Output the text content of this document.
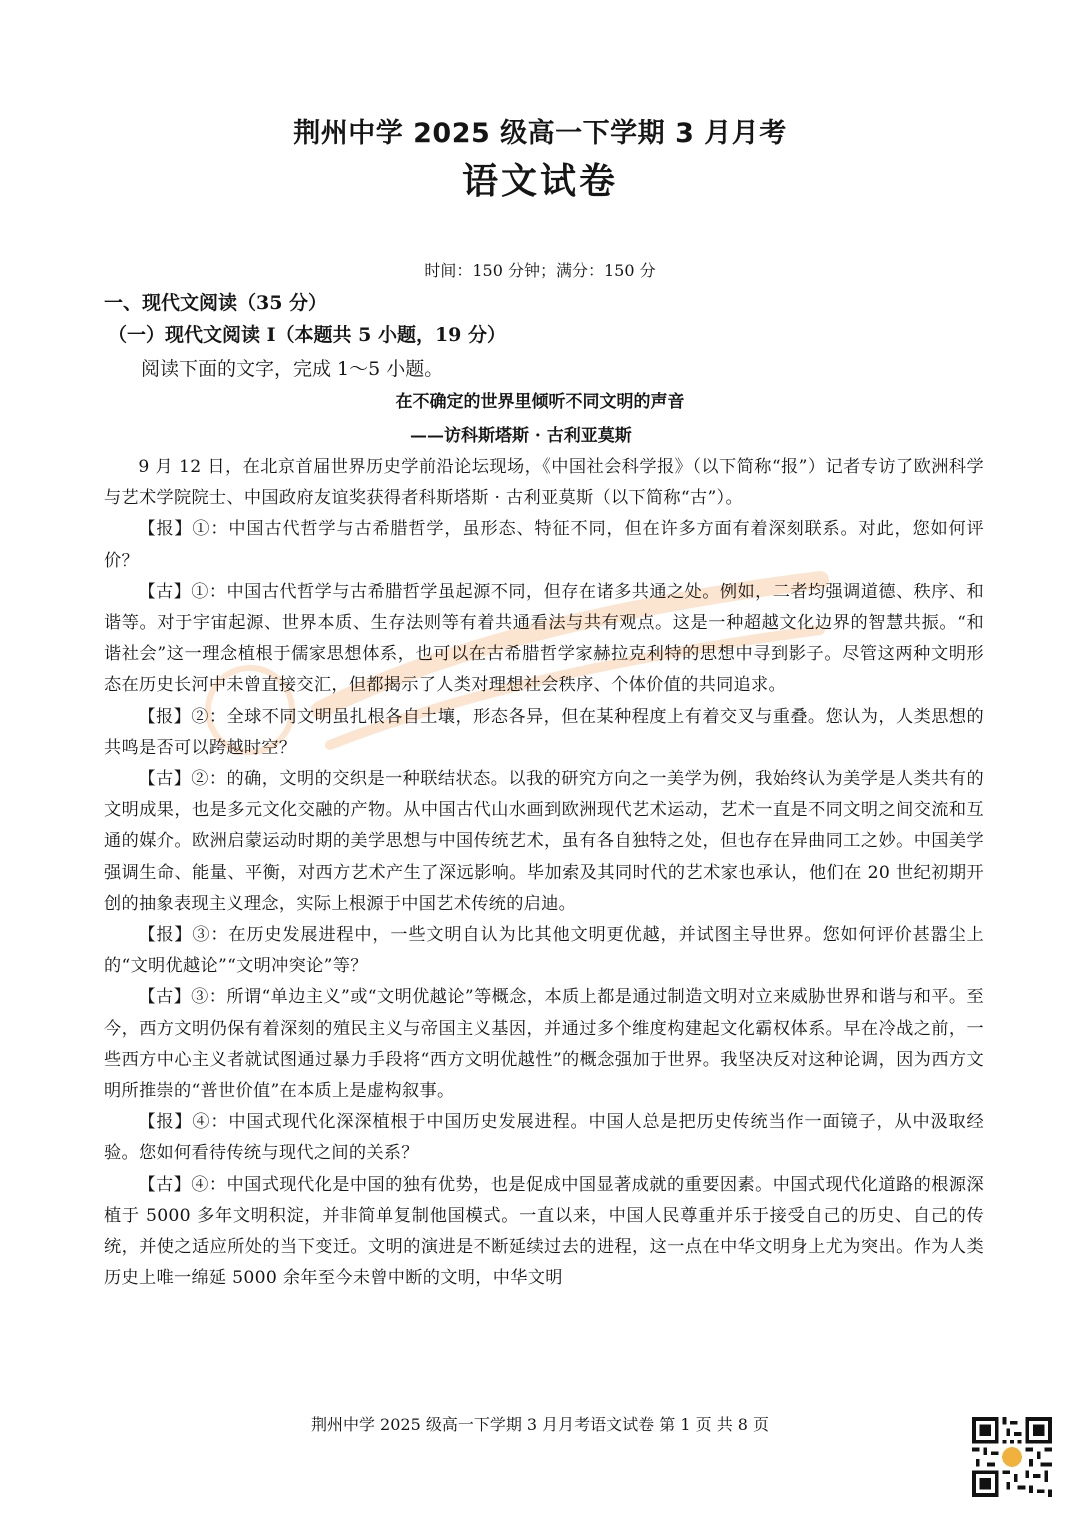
荆州中学 2025 级高一下学期 3 月月考
语文试卷
时间：150 分钟；满分：150 分
一、现代文阅读（35 分）
（一）现代文阅读 I（本题共 5 小题，19 分）
阅读下面的文字，完成 1～5 小题。
在不确定的世界里倾听不同文明的声音
——访科斯塔斯 · 古利亚莫斯

9 月 12 日，在北京首届世界历史学前沿论坛现场，《中国社会科学报》（以下简称“报”）记者专访了欧洲科学与艺术学院院士、中国政府友谊奖获得者科斯塔斯 · 古利亚莫斯（以下简称“古”）。

【报】①：中国古代哲学与古希腊哲学，虽形态、特征不同，但在许多方面有着深刻联系。对此，您如何评价？

【古】①：中国古代哲学与古希腊哲学虽起源不同，但存在诸多共通之处。例如，二者均强调道德、秩序、和谐等。对于宇宙起源、世界本质、生存法则等有着共通看法与共有观点。这是一种超越文化边界的智慧共振。“和谐社会”这一理念植根于儒家思想体系，也可以在古希腊哲学家赫拉克利特的思想中寻到影子。尽管这两种文明形态在历史长河中未曾直接交汇，但都揭示了人类对理想社会秩序、个体价值的共同追求。

【报】②：全球不同文明虽扎根各自土壤，形态各异，但在某种程度上有着交叉与重叠。您认为，人类思想的共鸣是否可以跨越时空？

【古】②：的确，文明的交织是一种联结状态。以我的研究方向之一美学为例，我始终认为美学是人类共有的文明成果，也是多元文化交融的产物。从中国古代山水画到欧洲现代艺术运动，艺术一直是不同文明之间交流和互通的媒介。欧洲启蒙运动时期的美学思想与中国传统艺术，虽有各自独特之处，但也存在异曲同工之妙。中国美学强调生命、能量、平衡，对西方艺术产生了深远影响。毕加索及其同时代的艺术家也承认，他们在 20 世纪初期开创的抽象表现主义理念，实际上根源于中国艺术传统的启迪。

【报】③：在历史发展进程中，一些文明自认为比其他文明更优越，并试图主导世界。您如何评价甚嚣尘上的“文明优越论”“文明冲突论”等？

【古】③：所谓“单边主义”或“文明优越论”等概念，本质上都是通过制造文明对立来威胁世界和谐与和平。至今，西方文明仍保有着深刻的殖民主义与帝国主义基因，并通过多个维度构建起文化霸权体系。早在冷战之前，一些西方中心主义者就试图通过暴力手段将“西方文明优越性”的概念强加于世界。我坚决反对这种论调，因为西方文明所推崇的“普世价值”在本质上是虚构叙事。

【报】④：中国式现代化深深植根于中国历史发展进程。中国人总是把历史传统当作一面镜子，从中汲取经验。您如何看待传统与现代之间的关系？

【古】④：中国式现代化是中国的独有优势，也是促成中国显著成就的重要因素。中国式现代化道路的根源深植于 5000 多年文明积淀，并非简单复制他国模式。一直以来，中国人民尊重并乐于接受自己的历史、自己的传统，并使之适应所处的当下变迁。文明的演进是不断延续过去的进程，这一点在中华文明身上尤为突出。作为人类历史上唯一绵延 5000 余年至今未曾中断的文明，中华文明

荆州中学 2025 级高一下学期 3 月月考语文试卷 第 1 页 共 8 页
